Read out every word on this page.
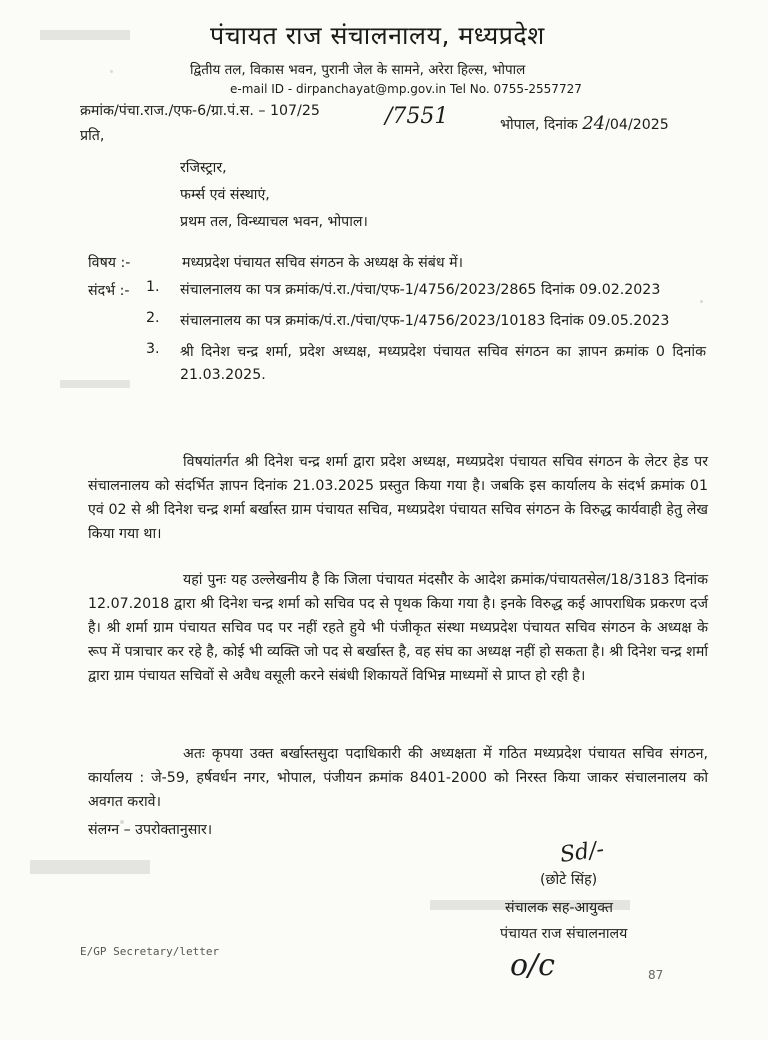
पंचायत राज संचालनालय, मध्यप्रदेश
द्वितीय तल, विकास भवन, पुरानी जेल के सामने, अरेरा हिल्स, भोपाल
e-mail ID - dirpanchayat@mp.gov.in Tel No. 0755-2557727
क्रमांक/पंचा.राज./एफ-6/ग्रा.पं.स. – 107/25	/7551	भोपाल, दिनांक 24/04/2025
प्रति,
रजिस्ट्रार,
फर्म्स एवं संस्थाएं,
प्रथम तल, विन्ध्याचल भवन, भोपाल।
विषय :-	मध्यप्रदेश पंचायत सचिव संगठन के अध्यक्ष के संबंध में।
संदर्भ :- 1.	संचालनालय का पत्र क्रमांक/पं.रा./पंचा/एफ-1/4756/2023/2865 दिनांक 09.02.2023
2.	संचालनालय का पत्र क्रमांक/पं.रा./पंचा/एफ-1/4756/2023/10183 दिनांक 09.05.2023
3.	श्री दिनेश चन्द्र शर्मा, प्रदेश अध्यक्ष, मध्यप्रदेश पंचायत सचिव संगठन का ज्ञापन क्रमांक 0 दिनांक 21.03.2025.
विषयांतर्गत श्री दिनेश चन्द्र शर्मा द्वारा प्रदेश अध्यक्ष, मध्यप्रदेश पंचायत सचिव संगठन के लेटर हेड पर संचालनालय को संदर्भित ज्ञापन दिनांक 21.03.2025 प्रस्तुत किया गया है। जबकि इस कार्यालय के संदर्भ क्रमांक 01 एवं 02 से श्री दिनेश चन्द्र शर्मा बर्खास्त ग्राम पंचायत सचिव, मध्यप्रदेश पंचायत सचिव संगठन के विरुद्ध कार्यवाही हेतु लेख किया गया था।
यहां पुनः यह उल्लेखनीय है कि जिला पंचायत मंदसौर के आदेश क्रमांक/पंचायतसेल/18/3183 दिनांक 12.07.2018 द्वारा श्री दिनेश चन्द्र शर्मा को सचिव पद से पृथक किया गया है। इनके विरुद्ध कई आपराधिक प्रकरण दर्ज है। श्री शर्मा ग्राम पंचायत सचिव पद पर नहीं रहते हुये भी पंजीकृत संस्था मध्यप्रदेश पंचायत सचिव संगठन के अध्यक्ष के रूप में पत्राचार कर रहे है, कोई भी व्यक्ति जो पद से बर्खास्त है, वह संघ का अध्यक्ष नहीं हो सकता है। श्री दिनेश चन्द्र शर्मा द्वारा ग्राम पंचायत सचिवों से अवैध वसूली करने संबंधी शिकायतें विभिन्न माध्यमों से प्राप्त हो रही है।
अतः कृपया उक्त बर्खास्तसुदा पदाधिकारी की अध्यक्षता में गठित मध्यप्रदेश पंचायत सचिव संगठन, कार्यालय : जे-59, हर्षवर्धन नगर, भोपाल, पंजीयन क्रमांक 8401-2000 को निरस्त किया जाकर संचालनालय को अवगत करावे।
संलग्न – उपरोक्तानुसार।
Sd/-
(छोटे सिंह)
संचालक सह-आयुक्त
पंचायत राज संचालनालय
E/GP Secretary/letter	o/c	87
